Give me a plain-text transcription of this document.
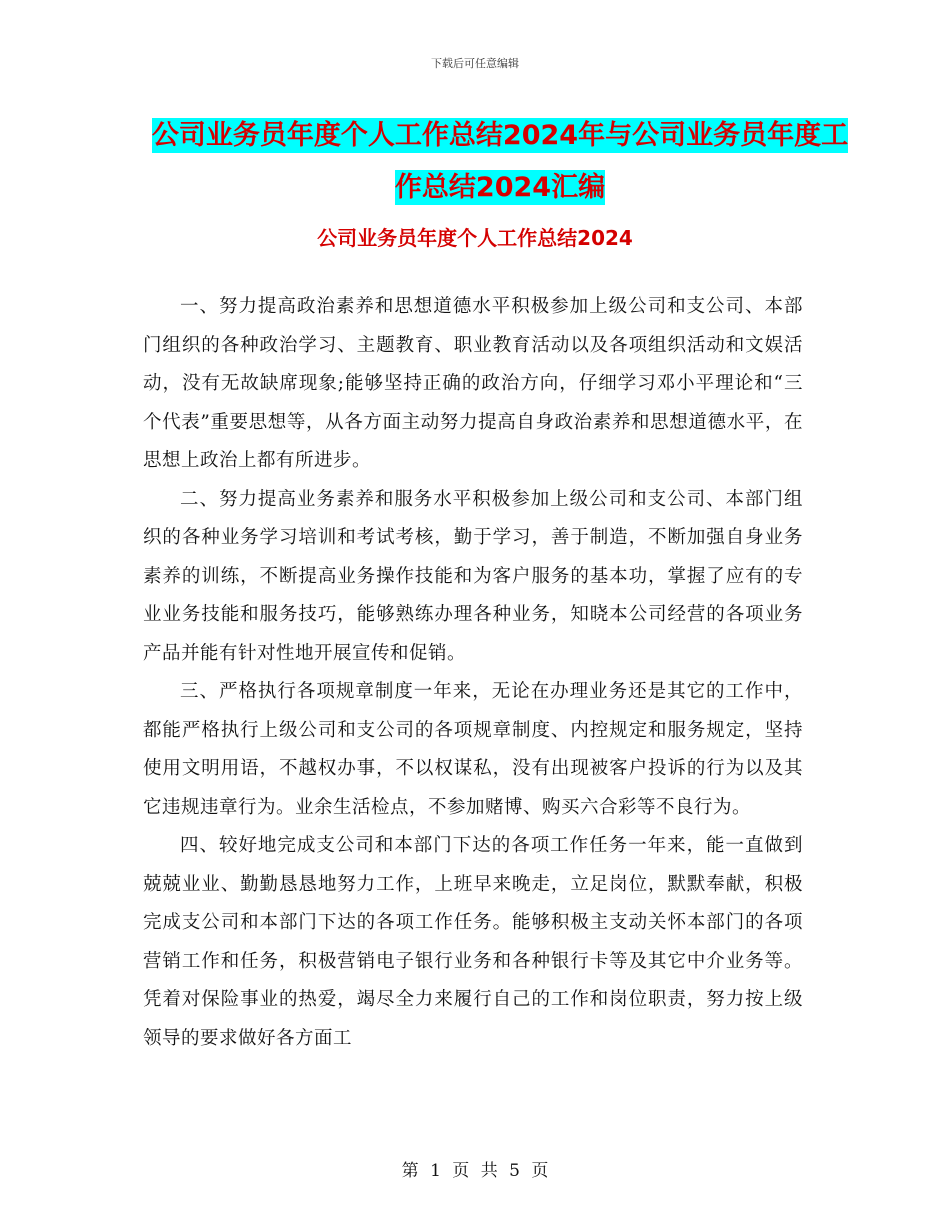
下载后可任意编辑
公司业务员年度个人工作总结2024年与公司业务员年度工作总结2024汇编
公司业务员年度个人工作总结2024

一、努力提高政治素养和思想道德水平积极参加上级公司和支公司、本部门组织的各种政治学习、主题教育、职业教育活动以及各项组织活动和文娱活动，没有无故缺席现象;能够坚持正确的政治方向，仔细学习邓小平理论和“三个代表”重要思想等，从各方面主动努力提高自身政治素养和思想道德水平，在思想上政治上都有所进步。

二、努力提高业务素养和服务水平积极参加上级公司和支公司、本部门组织的各种业务学习培训和考试考核，勤于学习，善于制造，不断加强自身业务素养的训练，不断提高业务操作技能和为客户服务的基本功，掌握了应有的专业业务技能和服务技巧，能够熟练办理各种业务，知晓本公司经营的各项业务产品并能有针对性地开展宣传和促销。

三、严格执行各项规章制度一年来，无论在办理业务还是其它的工作中，都能严格执行上级公司和支公司的各项规章制度、内控规定和服务规定，坚持使用文明用语，不越权办事，不以权谋私，没有出现被客户投诉的行为以及其它违规违章行为。业余生活检点，不参加赌博、购买六合彩等不良行为。

四、较好地完成支公司和本部门下达的各项工作任务一年来，能一直做到兢兢业业、勤勤恳恳地努力工作，上班早来晚走，立足岗位，默默奉献，积极完成支公司和本部门下达的各项工作任务。能够积极主支动关怀本部门的各项营销工作和任务，积极营销电子银行业务和各种银行卡等及其它中介业务等。凭着对保险事业的热爱，竭尽全力来履行自己的工作和岗位职责，努力按上级领导的要求做好各方面工

第 1 页 共 5 页
